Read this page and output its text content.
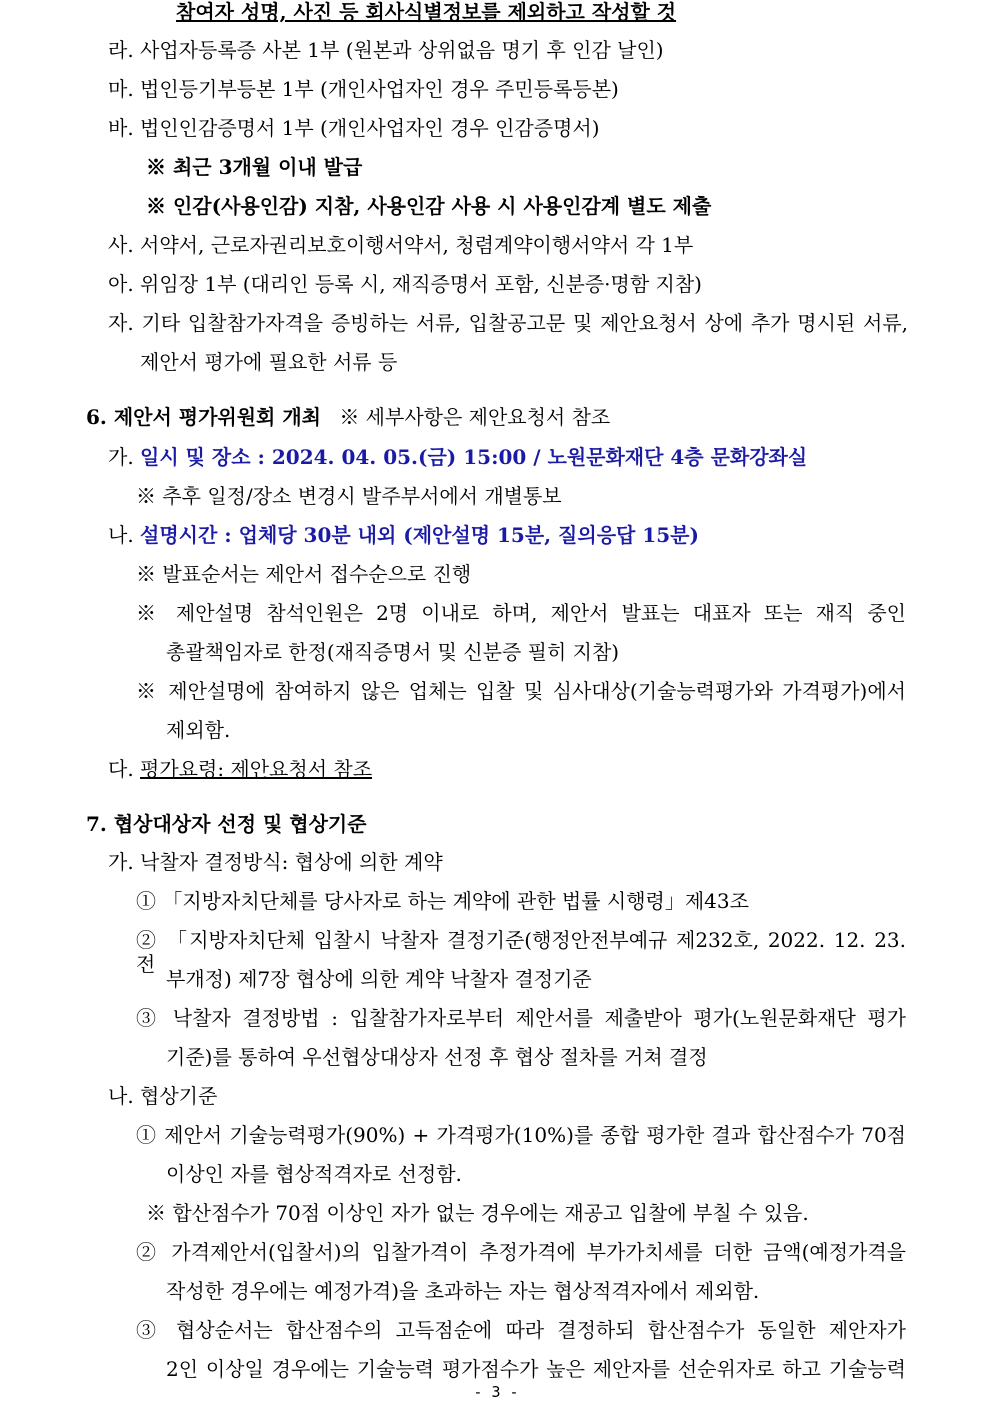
참여자 성명, 사진 등 회사식별정보를 제외하고 작성할 것
라. 사업자등록증 사본 1부 (원본과 상위없음 명기 후 인감 날인)
마. 법인등기부등본 1부 (개인사업자인 경우 주민등록등본)
바. 법인인감증명서 1부 (개인사업자인 경우 인감증명서)
※ 최근 3개월 이내 발급
※ 인감(사용인감) 지참, 사용인감 사용 시 사용인감계 별도 제출
사. 서약서, 근로자권리보호이행서약서, 청렴계약이행서약서 각 1부
아. 위임장 1부 (대리인 등록 시, 재직증명서 포함, 신분증·명함 지참)
자. 기타 입찰참가자격을 증빙하는 서류, 입찰공고문 및 제안요청서 상에 추가 명시된 서류,
제안서 평가에 필요한 서류 등
6. 제안서 평가위원회 개최 ※ 세부사항은 제안요청서 참조
가. 일시 및 장소 : 2024. 04. 05.(금) 15:00 / 노원문화재단 4층 문화강좌실
※ 추후 일정/장소 변경시 발주부서에서 개별통보
나. 설명시간 : 업체당 30분 내외 (제안설명 15분, 질의응답 15분)
※ 발표순서는 제안서 접수순으로 진행
※ 제안설명 참석인원은 2명 이내로 하며, 제안서 발표는 대표자 또는 재직 중인
총괄책임자로 한정(재직증명서 및 신분증 필히 지참)
※ 제안설명에 참여하지 않은 업체는 입찰 및 심사대상(기술능력평가와 가격평가)에서
제외함.
다. 평가요령: 제안요청서 참조
7. 협상대상자 선정 및 협상기준
가. 낙찰자 결정방식: 협상에 의한 계약
① 「지방자치단체를 당사자로 하는 계약에 관한 법률 시행령」제43조
② 「지방자치단체 입찰시 낙찰자 결정기준(행정안전부예규 제232호, 2022. 12. 23. 전
부개정) 제7장 협상에 의한 계약 낙찰자 결정기준
③ 낙찰자 결정방법 : 입찰참가자로부터 제안서를 제출받아 평가(노원문화재단 평가
기준)를 통하여 우선협상대상자 선정 후 협상 절차를 거쳐 결정
나. 협상기준
① 제안서 기술능력평가(90%) + 가격평가(10%)를 종합 평가한 결과 합산점수가 70점
이상인 자를 협상적격자로 선정함.
※ 합산점수가 70점 이상인 자가 없는 경우에는 재공고 입찰에 부칠 수 있음.
② 가격제안서(입찰서)의 입찰가격이 추정가격에 부가가치세를 더한 금액(예정가격을
작성한 경우에는 예정가격)을 초과하는 자는 협상적격자에서 제외함.
③ 협상순서는 합산점수의 고득점순에 따라 결정하되 합산점수가 동일한 제안자가
2인 이상일 경우에는 기술능력 평가점수가 높은 제안자를 선순위자로 하고 기술능력
- 3 -
